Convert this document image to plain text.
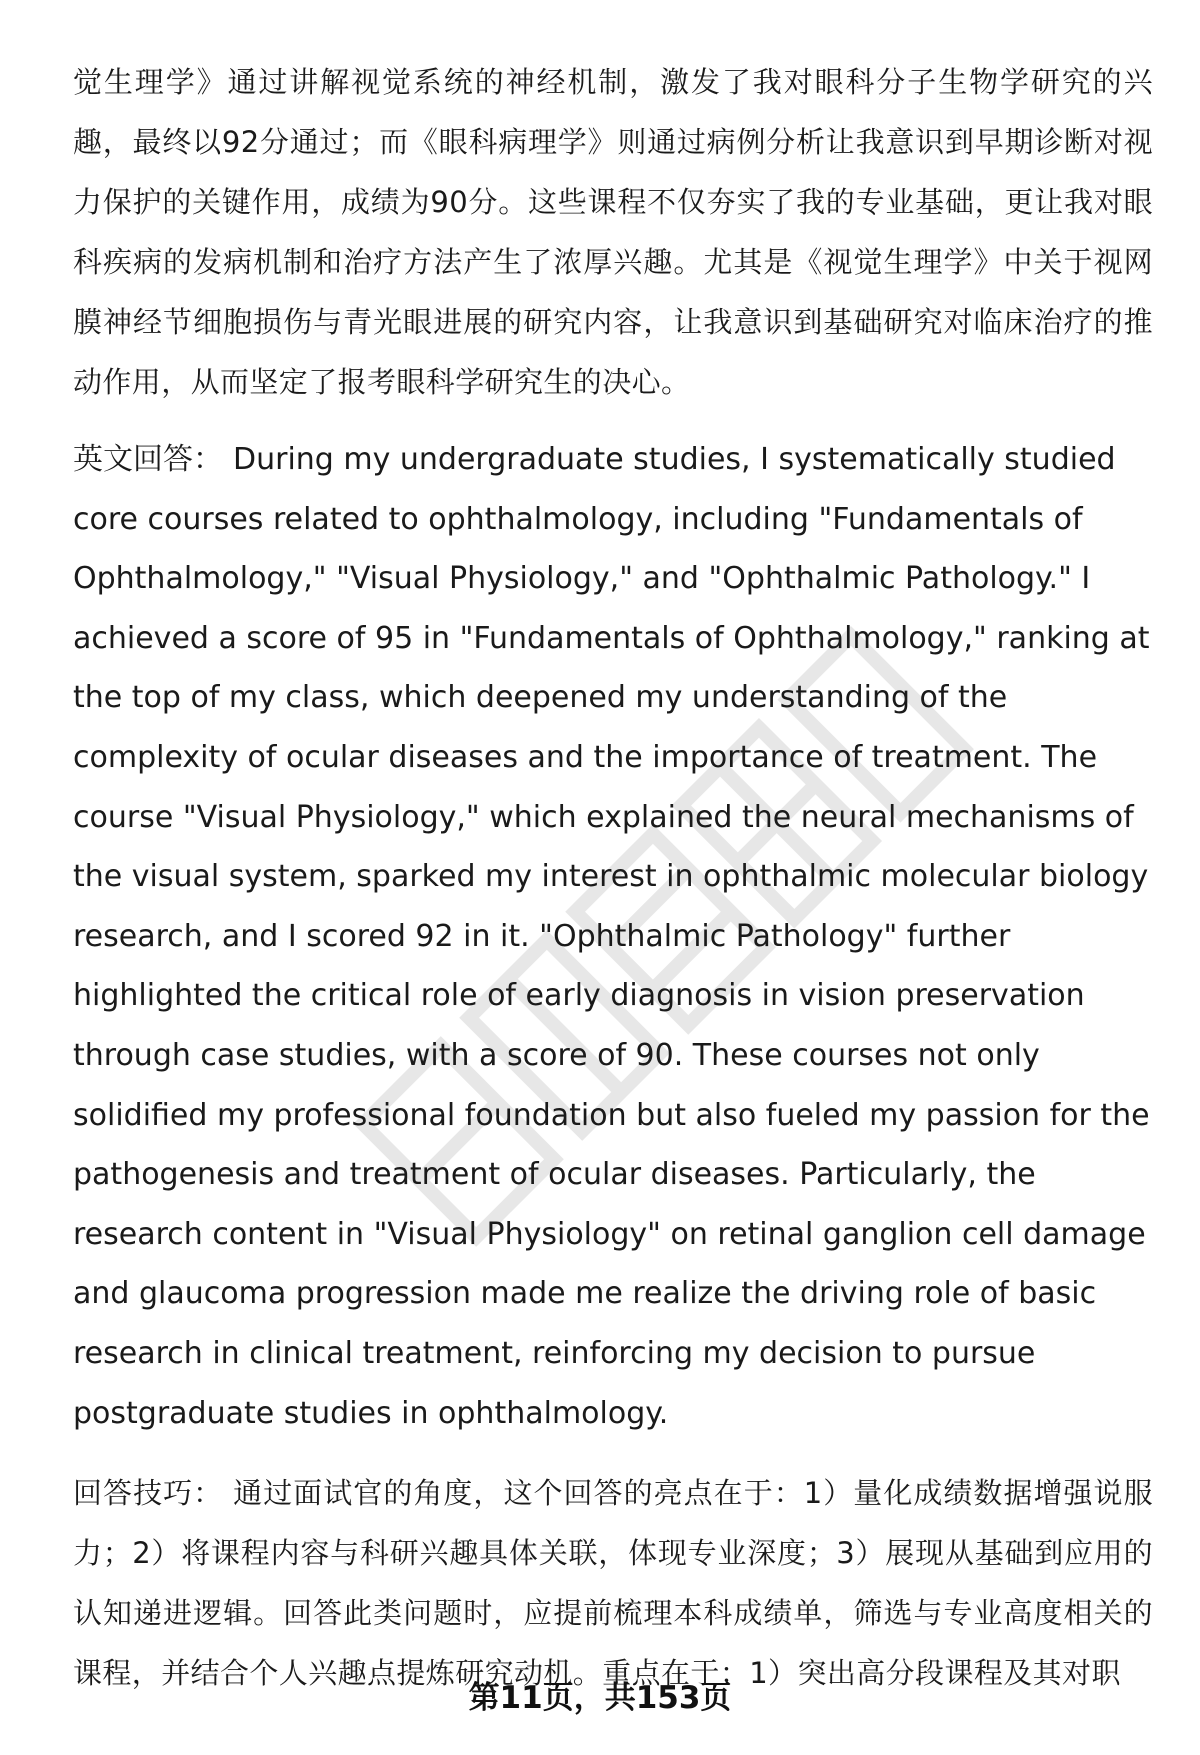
觉生理学》通过讲解视觉系统的神经机制，激发了我对眼科分子生物学研究的兴趣，最终以92分通过；而《眼科病理学》则通过病例分析让我意识到早期诊断对视力保护的关键作用，成绩为90分。这些课程不仅夯实了我的专业基础，更让我对眼科疾病的发病机制和治疗方法产生了浓厚兴趣。尤其是《视觉生理学》中关于视网膜神经节细胞损伤与青光眼进展的研究内容，让我意识到基础研究对临床治疗的推动作用，从而坚定了报考眼科学研究生的决心。

英文回答： During my undergraduate studies, I systematically studied core courses related to ophthalmology, including "Fundamentals of Ophthalmology," "Visual Physiology," and "Ophthalmic Pathology." I achieved a score of 95 in "Fundamentals of Ophthalmology," ranking at the top of my class, which deepened my understanding of the complexity of ocular diseases and the importance of treatment. The course "Visual Physiology," which explained the neural mechanisms of the visual system, sparked my interest in ophthalmic molecular biology research, and I scored 92 in it. "Ophthalmic Pathology" further highlighted the critical role of early diagnosis in vision preservation through case studies, with a score of 90. These courses not only solidified my professional foundation but also fueled my passion for the pathogenesis and treatment of ocular diseases. Particularly, the research content in "Visual Physiology" on retinal ganglion cell damage and glaucoma progression made me realize the driving role of basic research in clinical treatment, reinforcing my decision to pursue postgraduate studies in ophthalmology.

回答技巧： 通过面试官的角度，这个回答的亮点在于：1）量化成绩数据增强说服力；2）将课程内容与科研兴趣具体关联，体现专业深度；3）展现从基础到应用的认知递进逻辑。回答此类问题时，应提前梳理本科成绩单，筛选与专业高度相关的课程，并结合个人兴趣点提炼研究动机。重点在于：1）突出高分段课程及其对职

第11页，共153页
